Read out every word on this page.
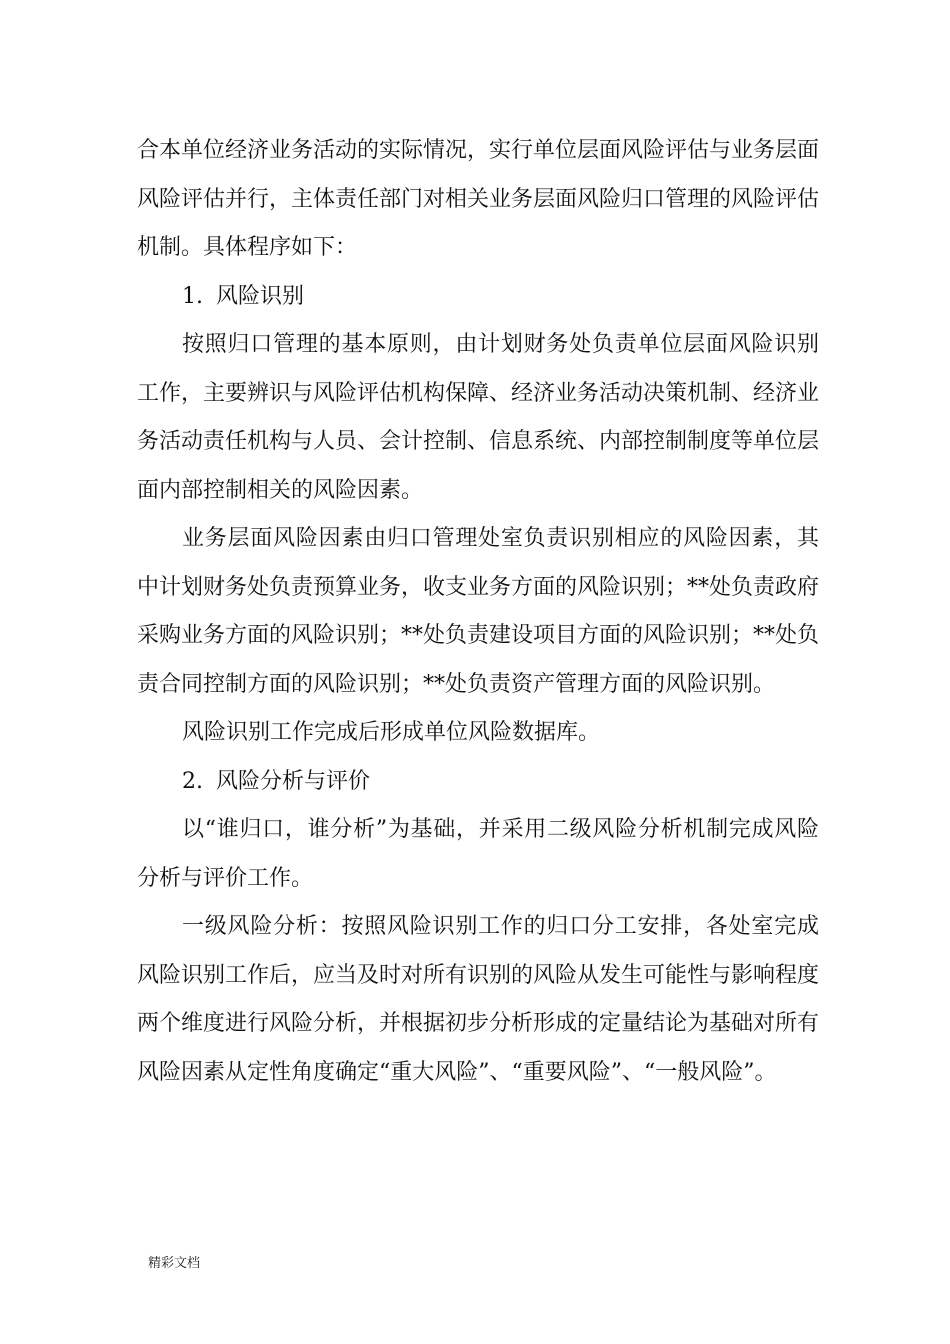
合本单位经济业务活动的实际情况，实行单位层面风险评估与业务层面风险评估并行，主体责任部门对相关业务层面风险归口管理的风险评估机制。具体程序如下：

1. 风险识别

按照归口管理的基本原则，由计划财务处负责单位层面风险识别工作，主要辨识与风险评估机构保障、经济业务活动决策机制、经济业务活动责任机构与人员、会计控制、信息系统、内部控制制度等单位层面内部控制相关的风险因素。

业务层面风险因素由归口管理处室负责识别相应的风险因素，其中计划财务处负责预算业务，收支业务方面的风险识别；**处负责政府采购业务方面的风险识别；**处负责建设项目方面的风险识别；**处负责合同控制方面的风险识别；**处负责资产管理方面的风险识别。

风险识别工作完成后形成单位风险数据库。

2. 风险分析与评价

以“谁归口，谁分析”为基础，并采用二级风险分析机制完成风险分析与评价工作。

一级风险分析：按照风险识别工作的归口分工安排，各处室完成风险识别工作后，应当及时对所有识别的风险从发生可能性与影响程度两个维度进行风险分析，并根据初步分析形成的定量结论为基础对所有风险因素从定性角度确定“重大风险”、“重要风险”、“一般风险”。

精彩文档
